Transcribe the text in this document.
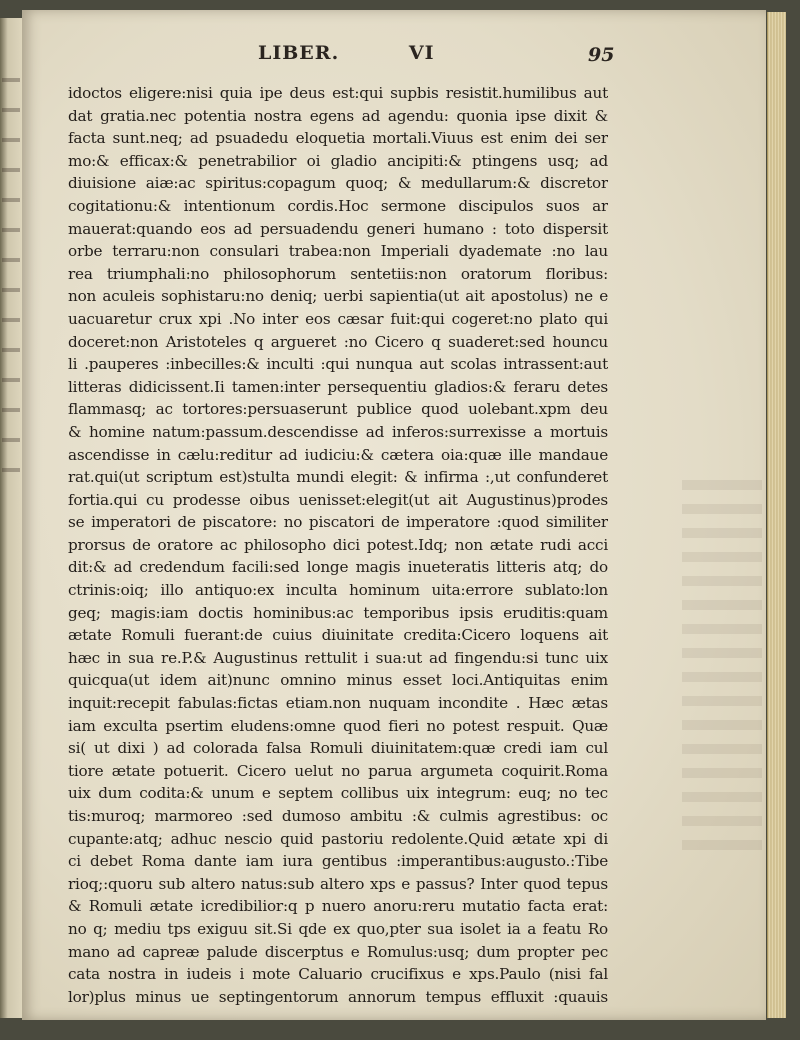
LIBER.	VI	95
idoctos eligere:nisi quia ipe deus est:qui supbis resistit.humilibus aut
dat gratia.nec potentia nostra egens ad agendu: quonia ipse dixit &
facta sunt.neq; ad psuadedu eloquetia mortali.Viuus est enim dei ser
mo:& efficax:& penetrabilior oi gladio ancipiti:& ptingens usq; ad
diuisione aiæ:ac spiritus:copagum quoq; & medullarum:& discretor
cogitationu:& intentionum cordis.Hoc sermone discipulos suos ar
mauerat:quando eos ad persuadendu generi humano : toto dispersit
orbe terraru:non consulari trabea:non Imperiali dyademate :no lau
rea triumphali:no philosophorum sentetiis:non oratorum floribus:
non aculeis sophistaru:no deniq; uerbi sapientia(ut ait apostolus) ne e
uacuaretur crux xpi .No inter eos cæsar fuit:qui cogeret:no plato qui
doceret:non Aristoteles q argueret :no Cicero q suaderet:sed houncu
li .pauperes :inbecilles:& inculti :qui nunqua aut scolas intrassent:aut
litteras didicissent.Ii tamen:inter persequentiu gladios:& feraru detes
flammasq; ac tortores:persuaserunt publice quod uolebant.xpm deu
& homine natum:passum.descendisse ad inferos:surrexisse a mortuis
ascendisse in cælu:reditur ad iudiciu:& cætera oia:quæ ille mandaue
rat.qui(ut scriptum est)stulta mundi elegit: & infirma :,ut confunderet
fortia.qui cu prodesse oibus uenisset:elegit(ut ait Augustinus)prodes
se imperatori de piscatore: no piscatori de imperatore :quod similiter
prorsus de oratore ac philosopho dici potest.Idq; non ætate rudi acci
dit:& ad credendum facili:sed longe magis inueteratis litteris atq; do
ctrinis:oiq; illo antiquo:ex inculta hominum uita:errore sublato:lon
geq; magis:iam doctis hominibus:ac temporibus ipsis eruditis:quam
ætate Romuli fuerant:de cuius diuinitate credita:Cicero loquens ait
hæc in sua re.P.& Augustinus rettulit i sua:ut ad fingendu:si tunc uix
quicqua(ut idem ait)nunc omnino minus esset loci.Antiquitas enim
inquit:recepit fabulas:fictas etiam.non nuquam incondite . Hæc ætas
iam exculta psertim eludens:omne quod fieri no potest respuit. Quæ
si( ut dixi ) ad colorada falsa Romuli diuinitatem:quæ credi iam cul
tiore ætate potuerit. Cicero uelut no parua argumeta coquirit.Roma
uix dum codita:& unum e septem collibus uix integrum: euq; no tec
tis:muroq; marmoreo :sed dumoso ambitu :& culmis agrestibus: oc
cupante:atq; adhuc nescio quid pastoriu redolente.Quid ætate xpi di
ci debet Roma dante iam iura gentibus :imperantibus:augusto.:Tibe
rioq;:quoru sub altero natus:sub altero xps e passus? Inter quod tepus
& Romuli ætate icredibilior:q p nuero anoru:reru mutatio facta erat:
no q; mediu tps exiguu sit.Si qde ex quo,pter sua isolet ia a featu Ro
mano ad capreæ palude discerptus e Romulus:usq; dum propter pec
cata nostra in iudeis i mote Caluario crucifixus e xps.Paulo (nisi fal
lor)plus minus ue septingentorum annorum tempus effluxit :quauis
